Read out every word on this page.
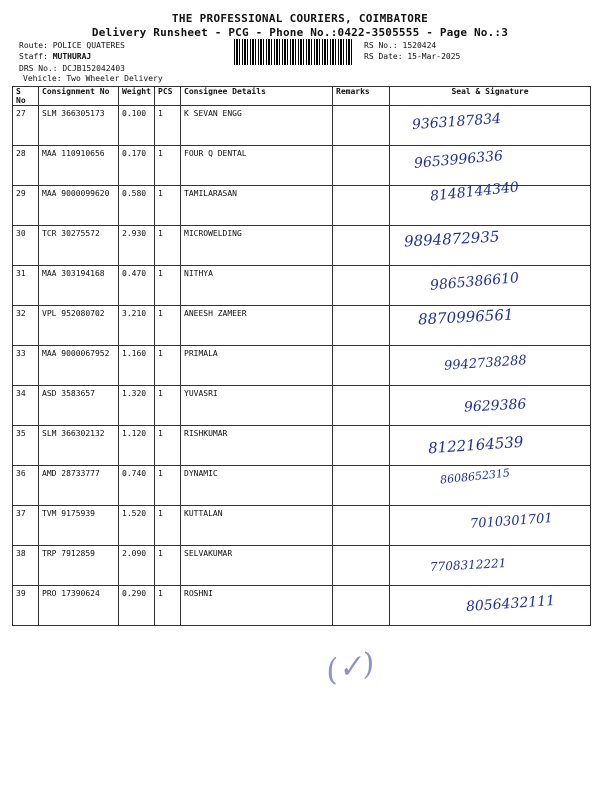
THE PROFESSIONAL COURIERS, COIMBATORE
Delivery Runsheet - PCG - Phone No.:0422-3505555 - Page No.:3
Route: POLICE QUATERES
Staff: MUTHURAJ
DRS No.: DCJB152042403
Vehicle: Two Wheeler Delivery
RS No.: 1520424
RS Date: 15-Mar-2025
S No	Consignment No	Weight	PCS	Consignee Details	Remarks	Seal & Signature
27	SLM 366305173	0.100	1	K SEVAN ENGG		9363187834

28	MAA 110910656	0.170	1	FOUR Q DENTAL		9653996336

29	MAA 9000099620	0.580	1	TAMILARASAN		8148144340

30	TCR 30275572	2.930	1	MICROWELDING		9894872935

31	MAA 303194168	0.470	1	NITHYA		9865386610

32	VPL 952080702	3.210	1	ANEESH ZAMEER		8870996561

33	MAA 9000067952	1.160	1	PRIMALA		9942738288

34	ASD 3583657	1.320	1	YUVASRI		9629386

35	SLM 366302132	1.120	1	RISHKUMAR		8122164539

36	AMD 28733777	0.740	1	DYNAMIC		8608652315

37	TVM 9175939	1.520	1	KUTTALAN		7010301701

38	TRP 7912859	2.090	1	SELVAKUMAR		7708312221

39	PRO 17390624	0.290	1	ROSHNI		8056432111
(✓)
